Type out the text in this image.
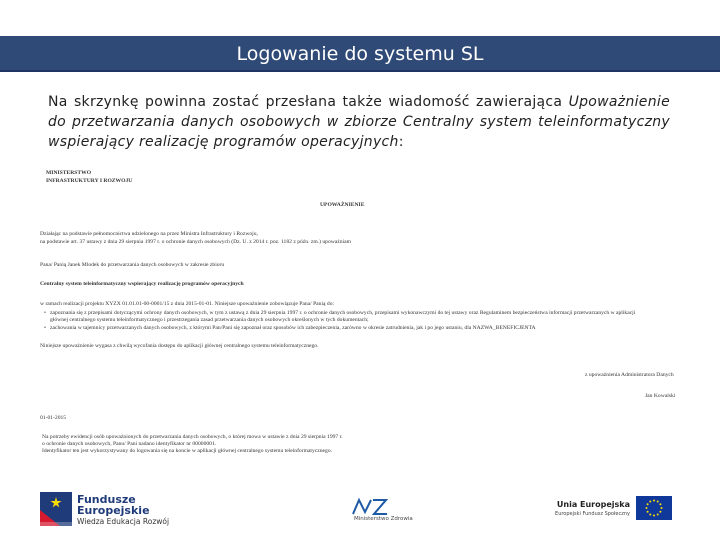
Logowanie do systemu SL
Na skrzynkę powinna zostać przesłana także wiadomość zawierająca Upoważnienie do przetwarzania danych osobowych w zbiorze Centralny system teleinformatyczny wspierający realizację programów operacyjnych:
MINISTERSTWO
INFRASTRUKTURY I ROZWOJU
UPOWAŻNIENIE
Działając na podstawie pełnomocnictwa udzielonego na przez Ministra Infrastruktury i Rozwoju,
na podstawie art. 37 ustawy z dnia 29 sierpnia 1997 r. o ochronie danych osobowych (Dz. U. z 2014 r. poz. 1182 z późn. zm.) upoważniam
Pana/ Panią Janek Mlodek do przetwarzania danych osobowych w zakresie zbioru
Centralny system teleinformatyczny wspierający realizację programów operacyjnych
w ramach realizacji projektu XYZX 01.01.01-00-0001/15 z dnia 2015-01-01. Niniejsze upoważnienie zobowiązuje Pana/ Panią do:
• zapoznania się z przepisami dotyczącymi ochrony danych osobowych, w tym z ustawą z dnia 29 sierpnia 1997 r. o ochronie danych osobowych, przepisami wykonawczymi do tej ustawy oraz Regulaminem bezpieczeństwa informacji przetwarzanych w aplikacji
głównej centralnego systemu teleinformatycznego i przestrzegania zasad przetwarzania danych osobowych określonych w tych dokumentach;
• zachowania w tajemnicy przetwarzanych danych osobowych, z którymi Pan/Pani się zapoznał oraz sposobów ich zabezpieczenia, zarówno w okresie zatrudnienia, jak i po jego ustaniu, dla NAZWA_BENEFICJENTA
Niniejsze upoważnienie wygasa z chwilą wycofania dostępu do aplikacji głównej centralnego systemu teleinformatycznego.
z upoważnienia Administratora Danych
Jan Kowalski
01-01-2015
Na potrzeby ewidencji osób upoważnionych do przetwarzania danych osobowych, o której mowa w ustawie z dnia 29 sierpnia 1997 r.
o ochronie danych osobowych, Panu/ Pani nadano identyfikator nr 00000001.
Identyfikator ten jest wykorzystywany do logowania się na koncie w aplikacji głównej centralnego systemu teleinformatycznego.
Fundusze
Europejskie
Wiedza Edukacja Rozwój	Ministerstwo Zdrowia
Unia Europejska
Europejski Fundusz Społeczny
